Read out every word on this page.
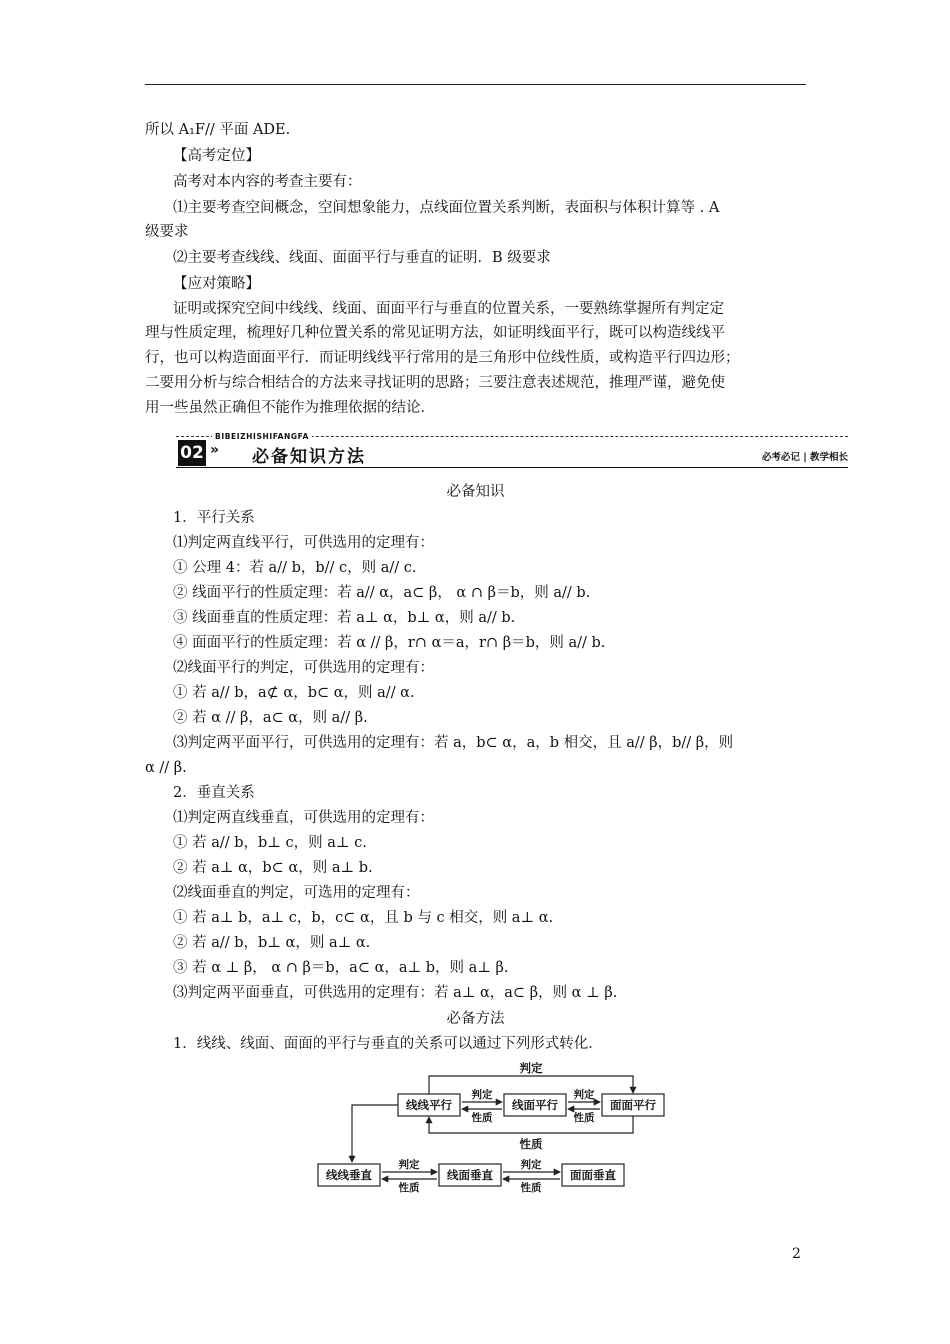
所以 A₁F// 平面 ADE.
【高考定位】
高考对本内容的考查主要有：
⑴主要考查空间概念，空间想象能力，点线面位置关系判断，表面积与体积计算等 . A
级要求
⑵主要考查线线、线面、面面平行与垂直的证明．B 级要求
【应对策略】
证明或探究空间中线线、线面、面面平行与垂直的位置关系，一要熟练掌握所有判定定
理与性质定理，梳理好几种位置关系的常见证明方法，如证明线面平行，既可以构造线线平
行，也可以构造面面平行．而证明线线平行常用的是三角形中位线性质，或构造平行四边形；
二要用分析与综合相结合的方法来寻找证明的思路；三要注意表述规范，推理严谨，避免使
用一些虽然正确但不能作为推理依据的结论．
BIBEIZHISHIFANGFA
02 » 必备知识方法	必考必记 | 教学相长
必备知识
1．平行关系
⑴判定两直线平行，可供选用的定理有：
① 公理 4：若 a// b，b// c，则 a// c.
② 线面平行的性质定理：若 a// α，a⊂ β， α ∩ β＝b，则 a// b.
③ 线面垂直的性质定理：若 a⊥ α，b⊥ α，则 a// b.
④ 面面平行的性质定理：若 α // β，r∩ α＝a，r∩ β＝b，则 a// b.
⑵线面平行的判定，可供选用的定理有：
① 若 a// b，a⊄ α，b⊂ α，则 a// α.
② 若 α // β，a⊂ α，则 a// β.
⑶判定两平面平行，可供选用的定理有：若 a，b⊂ α，a，b 相交，且 a// β，b// β，则
α // β.
2．垂直关系
⑴判定两直线垂直，可供选用的定理有：
① 若 a// b，b⊥ c，则 a⊥ c.
② 若 a⊥ α，b⊂ α，则 a⊥ b.
⑵线面垂直的判定，可选用的定理有：
① 若 a⊥ b，a⊥ c，b，c⊂ α，且 b 与 c 相交，则 a⊥ α.
② 若 a// b，b⊥ α，则 a⊥ α.
③ 若 α ⊥ β， α ∩ β＝b，a⊂ α，a⊥ b，则 a⊥ β.
⑶判定两平面垂直，可供选用的定理有：若 a⊥ α，a⊂ β，则 α ⊥ β.
必备方法
1．线线、线面、面面的平行与垂直的关系可以通过下列形式转化．
线线平行	线面平行	面面平行
线线垂直	线面垂直	面面垂直
判定
性质
判定
性质
判定
性质
判定
性质
判定
性质
2
